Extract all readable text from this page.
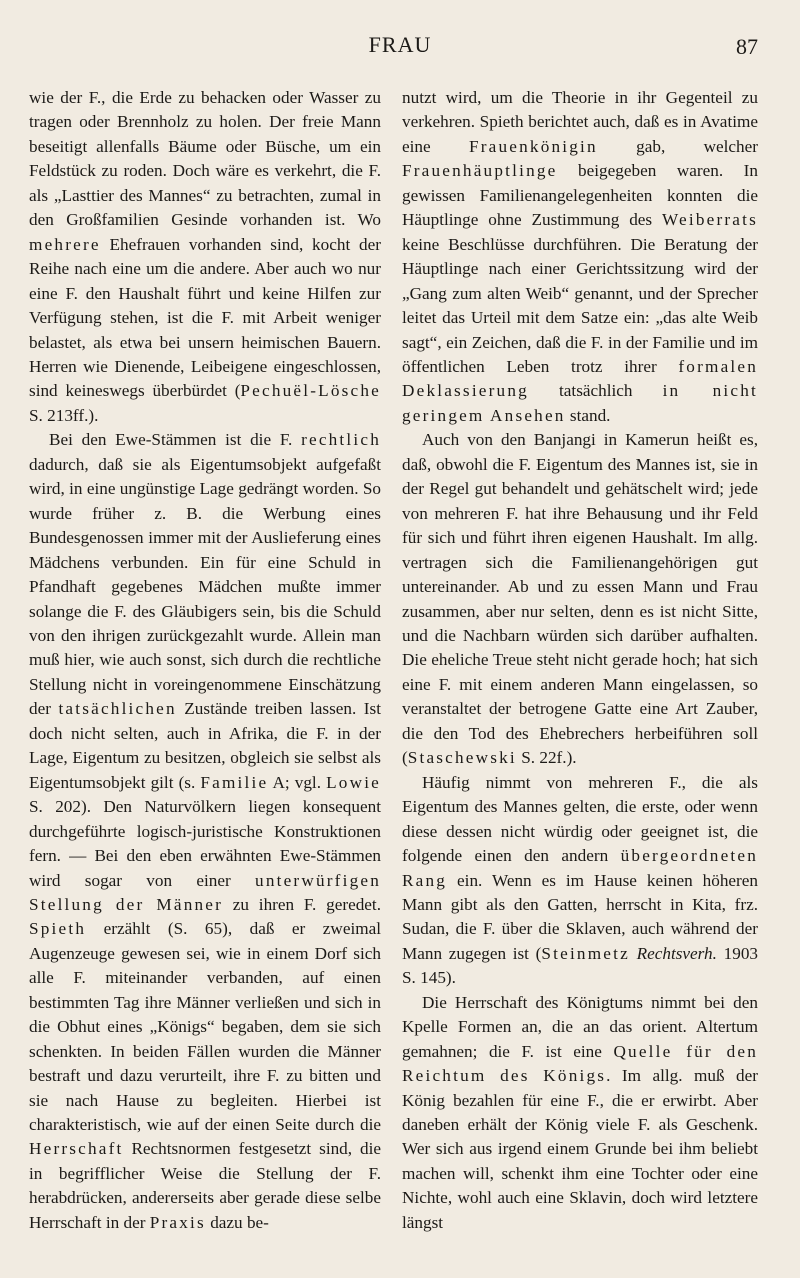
FRAU	87

wie der F., die Erde zu behacken oder Wasser zu tragen oder Brennholz zu holen. Der freie Mann beseitigt allenfalls Bäume oder Büsche, um ein Feldstück zu roden. Doch wäre es verkehrt, die F. als „Lasttier des Mannes“ zu betrachten, zumal in den Großfamilien Gesinde vorhanden ist. Wo mehrere Ehefrauen vorhanden sind, kocht der Reihe nach eine um die andere. Aber auch wo nur eine F. den Haushalt führt und keine Hilfen zur Verfügung stehen, ist die F. mit Arbeit weniger belastet, als etwa bei unsern heimischen Bauern. Herren wie Dienende, Leibeigene eingeschlossen, sind keineswegs überbürdet (Pechuël-Lösche S. 213ff.).

Bei den Ewe-Stämmen ist die F. rechtlich dadurch, daß sie als Eigentumsobjekt aufgefaßt wird, in eine ungünstige Lage gedrängt worden. So wurde früher z. B. die Werbung eines Bundesgenossen immer mit der Auslieferung eines Mädchens verbunden. Ein für eine Schuld in Pfandhaft gegebenes Mädchen mußte immer solange die F. des Gläubigers sein, bis die Schuld von den ihrigen zurückgezahlt wurde. Allein man muß hier, wie auch sonst, sich durch die rechtliche Stellung nicht in voreingenommene Einschätzung der tatsächlichen Zustände treiben lassen. Ist doch nicht selten, auch in Afrika, die F. in der Lage, Eigentum zu besitzen, obgleich sie selbst als Eigentumsobjekt gilt (s. Familie A; vgl. Lowie S. 202). Den Naturvölkern liegen konsequent durchgeführte logisch-juristische Konstruktionen fern. — Bei den eben erwähnten Ewe-Stämmen wird sogar von einer unterwürfigen Stellung der Männer zu ihren F. geredet. Spieth erzählt (S. 65), daß er zweimal Augenzeuge gewesen sei, wie in einem Dorf sich alle F. miteinander verbanden, auf einen bestimmten Tag ihre Männer verließen und sich in die Obhut eines „Königs“ begaben, dem sie sich schenkten. In beiden Fällen wurden die Männer bestraft und dazu verurteilt, ihre F. zu bitten und sie nach Hause zu begleiten. Hierbei ist charakteristisch, wie auf der einen Seite durch die Herrschaft Rechtsnormen festgesetzt sind, die in begrifflicher Weise die Stellung der F. herabdrücken, andererseits aber gerade diese selbe Herrschaft in der Praxis dazu be-

nutzt wird, um die Theorie in ihr Gegenteil zu verkehren. Spieth berichtet auch, daß es in Avatime eine Frauenkönigin gab, welcher Frauenhäuptlinge beigegeben waren. In gewissen Familienangelegenheiten konnten die Häuptlinge ohne Zustimmung des Weiberrats keine Beschlüsse durchführen. Die Beratung der Häuptlinge nach einer Gerichtssitzung wird der „Gang zum alten Weib“ genannt, und der Sprecher leitet das Urteil mit dem Satze ein: „das alte Weib sagt“, ein Zeichen, daß die F. in der Familie und im öffentlichen Leben trotz ihrer formalen Deklassierung tatsächlich in nicht geringem Ansehen stand.

Auch von den Banjangi in Kamerun heißt es, daß, obwohl die F. Eigentum des Mannes ist, sie in der Regel gut behandelt und gehätschelt wird; jede von mehreren F. hat ihre Behausung und ihr Feld für sich und führt ihren eigenen Haushalt. Im allg. vertragen sich die Familienangehörigen gut untereinander. Ab und zu essen Mann und Frau zusammen, aber nur selten, denn es ist nicht Sitte, und die Nachbarn würden sich darüber aufhalten. Die eheliche Treue steht nicht gerade hoch; hat sich eine F. mit einem anderen Mann eingelassen, so veranstaltet der betrogene Gatte eine Art Zauber, die den Tod des Ehebrechers herbeiführen soll (Staschewski S. 22f.).

Häufig nimmt von mehreren F., die als Eigentum des Mannes gelten, die erste, oder wenn diese dessen nicht würdig oder geeignet ist, die folgende einen den andern übergeordneten Rang ein. Wenn es im Hause keinen höheren Mann gibt als den Gatten, herrscht in Kita, frz. Sudan, die F. über die Sklaven, auch während der Mann zugegen ist (Steinmetz Rechtsverh. 1903 S. 145).

Die Herrschaft des Königtums nimmt bei den Kpelle Formen an, die an das orient. Altertum gemahnen; die F. ist eine Quelle für den Reichtum des Königs. Im allg. muß der König bezahlen für eine F., die er erwirbt. Aber daneben erhält der König viele F. als Geschenk. Wer sich aus irgend einem Grunde bei ihm beliebt machen will, schenkt ihm eine Tochter oder eine Nichte, wohl auch eine Sklavin, doch wird letztere längst
